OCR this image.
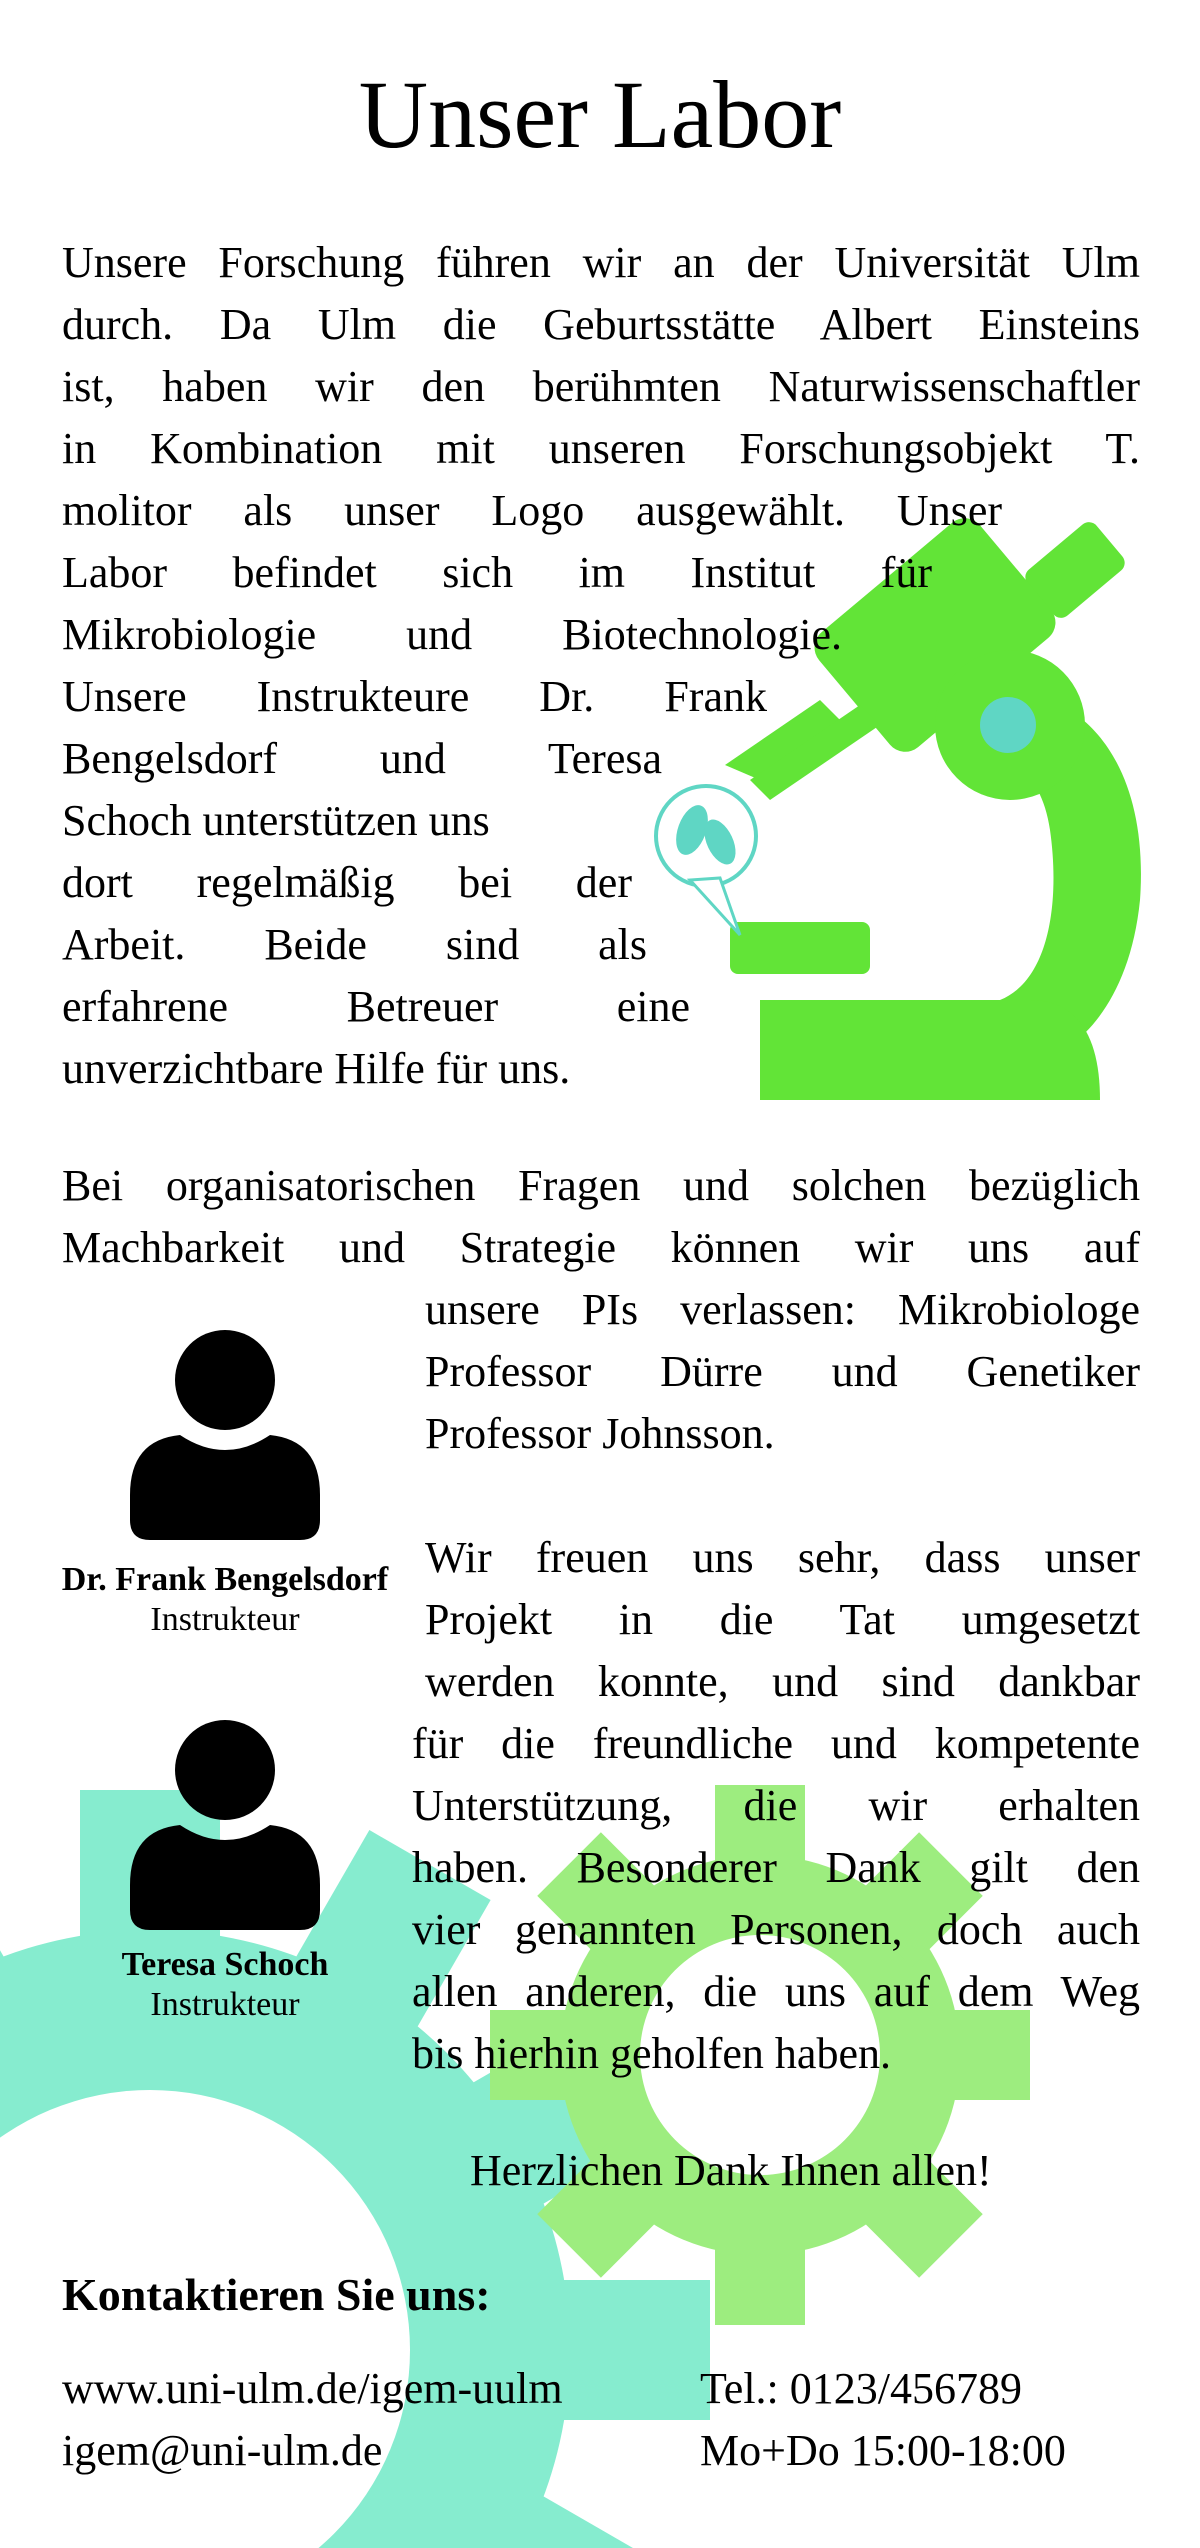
Unser Labor
Unsere Forschung führen wir an der Universität Ulm
durch. Da Ulm die Geburtsstätte Albert Einsteins
ist, haben wir den berühmten Naturwissenschaftler
in Kombination mit unseren Forschungsobjekt T.
molitor als unser Logo ausgewählt. Unser
Labor befindet sich im Institut für
Mikrobiologie und Biotechnologie.
Unsere Instrukteure Dr. Frank
Bengelsdorf und Teresa
Schoch unterstützen uns
dort regelmäßig bei der
Arbeit. Beide sind als
erfahrene Betreuer eine
unverzichtbare Hilfe für uns.
Bei organisatorischen Fragen und solchen bezüglich
Machbarkeit und Strategie können wir uns auf
unsere PIs verlassen: Mikrobiologe
Professor Dürre und Genetiker
Professor Johnsson.
Wir freuen uns sehr, dass unser
Projekt in die Tat umgesetzt
werden konnte, und sind dankbar
für die freundliche und kompetente
Unterstützung, die wir erhalten
haben. Besonderer Dank gilt den
vier genannten Personen, doch auch
allen anderen, die uns auf dem Weg
bis hierhin geholfen haben.
Herzlichen Dank Ihnen allen!
Dr. Frank Bengelsdorf
Instrukteur
Teresa Schoch
Instrukteur
Kontaktieren Sie uns:
www.uni-ulm.de/igem-uulm
igem@uni-ulm.de
Tel.: 0123/456789
Mo+Do 15:00-18:00
